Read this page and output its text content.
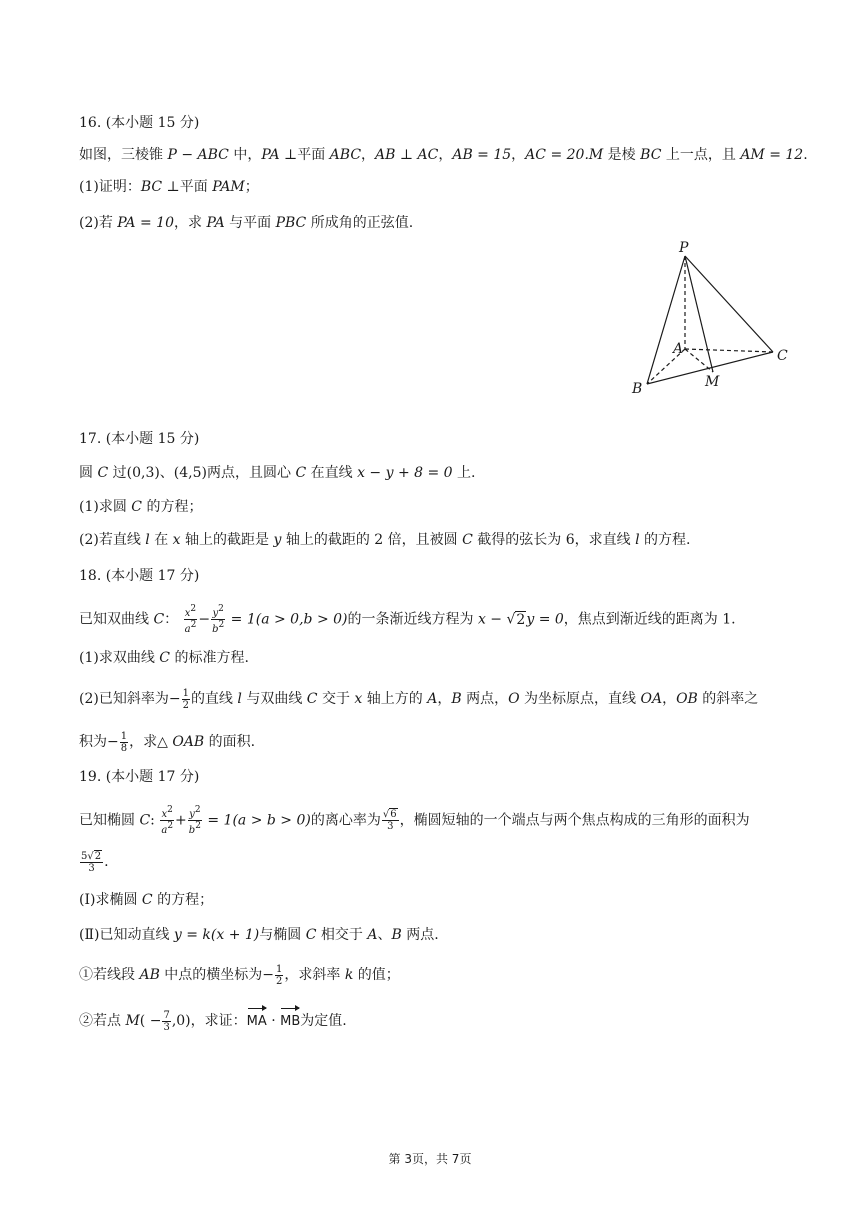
16. (本小题 15 分)
如图，三棱锥 P − ABC 中，PA ⊥平面 ABC，AB ⊥ AC，AB = 15，AC = 20.M 是棱 BC 上一点，且 AM = 12.
(1)证明：BC ⊥平面 PAM；
(2)若 PA = 10，求 PA 与平面 PBC 所成角的正弦值.
P
A
B
C
M
17. (本小题 15 分)
圆 C 过(0,3)、(4,5)两点，且圆心 C 在直线 x − y + 8 = 0 上.
(1)求圆 C 的方程；
(2)若直线 l 在 x 轴上的截距是 y 轴上的截距的 2 倍，且被圆 C 截得的弦长为 6，求直线 l 的方程.
18. (本小题 17 分)
已知双曲线 C： $\frac{x2}{a2} - \frac{y2}{b2} = 1(a > 0,b > 0)$的一条渐近线方程为 x − √2y = 0，焦点到渐近线的距离为 1.
(1)求双曲线 C 的标准方程.
(2)已知斜率为− $\frac{1}{2}$ 的直线 l 与双曲线 C 交于 x 轴上方的 A，B 两点，O 为坐标原点，直线 OA，OB 的斜率之
积为− $\frac{1}{8}$ ，求△ OAB 的面积.
19. (本小题 17 分)
已知椭圆 C: $\frac{x2}{a2} + \frac{y2}{b2} = 1(a > b > 0)$的离心率为 $\frac{√6}{3}$ ，椭圆短轴的一个端点与两个焦点构成的三角形的面积为
$\frac{5√2}{3}$ .
(Ⅰ)求椭圆 C 的方程；
(Ⅱ)已知动直线 y = k(x + 1)与椭圆 C 相交于 A、B 两点.
①若线段 AB 中点的横坐标为− $\frac{1}{2}$ ，求斜率 k 的值；
②若点 $M( - \frac{7}{3} ,0)$，求证：MA · MB为定值.
第 3页，共 7页
